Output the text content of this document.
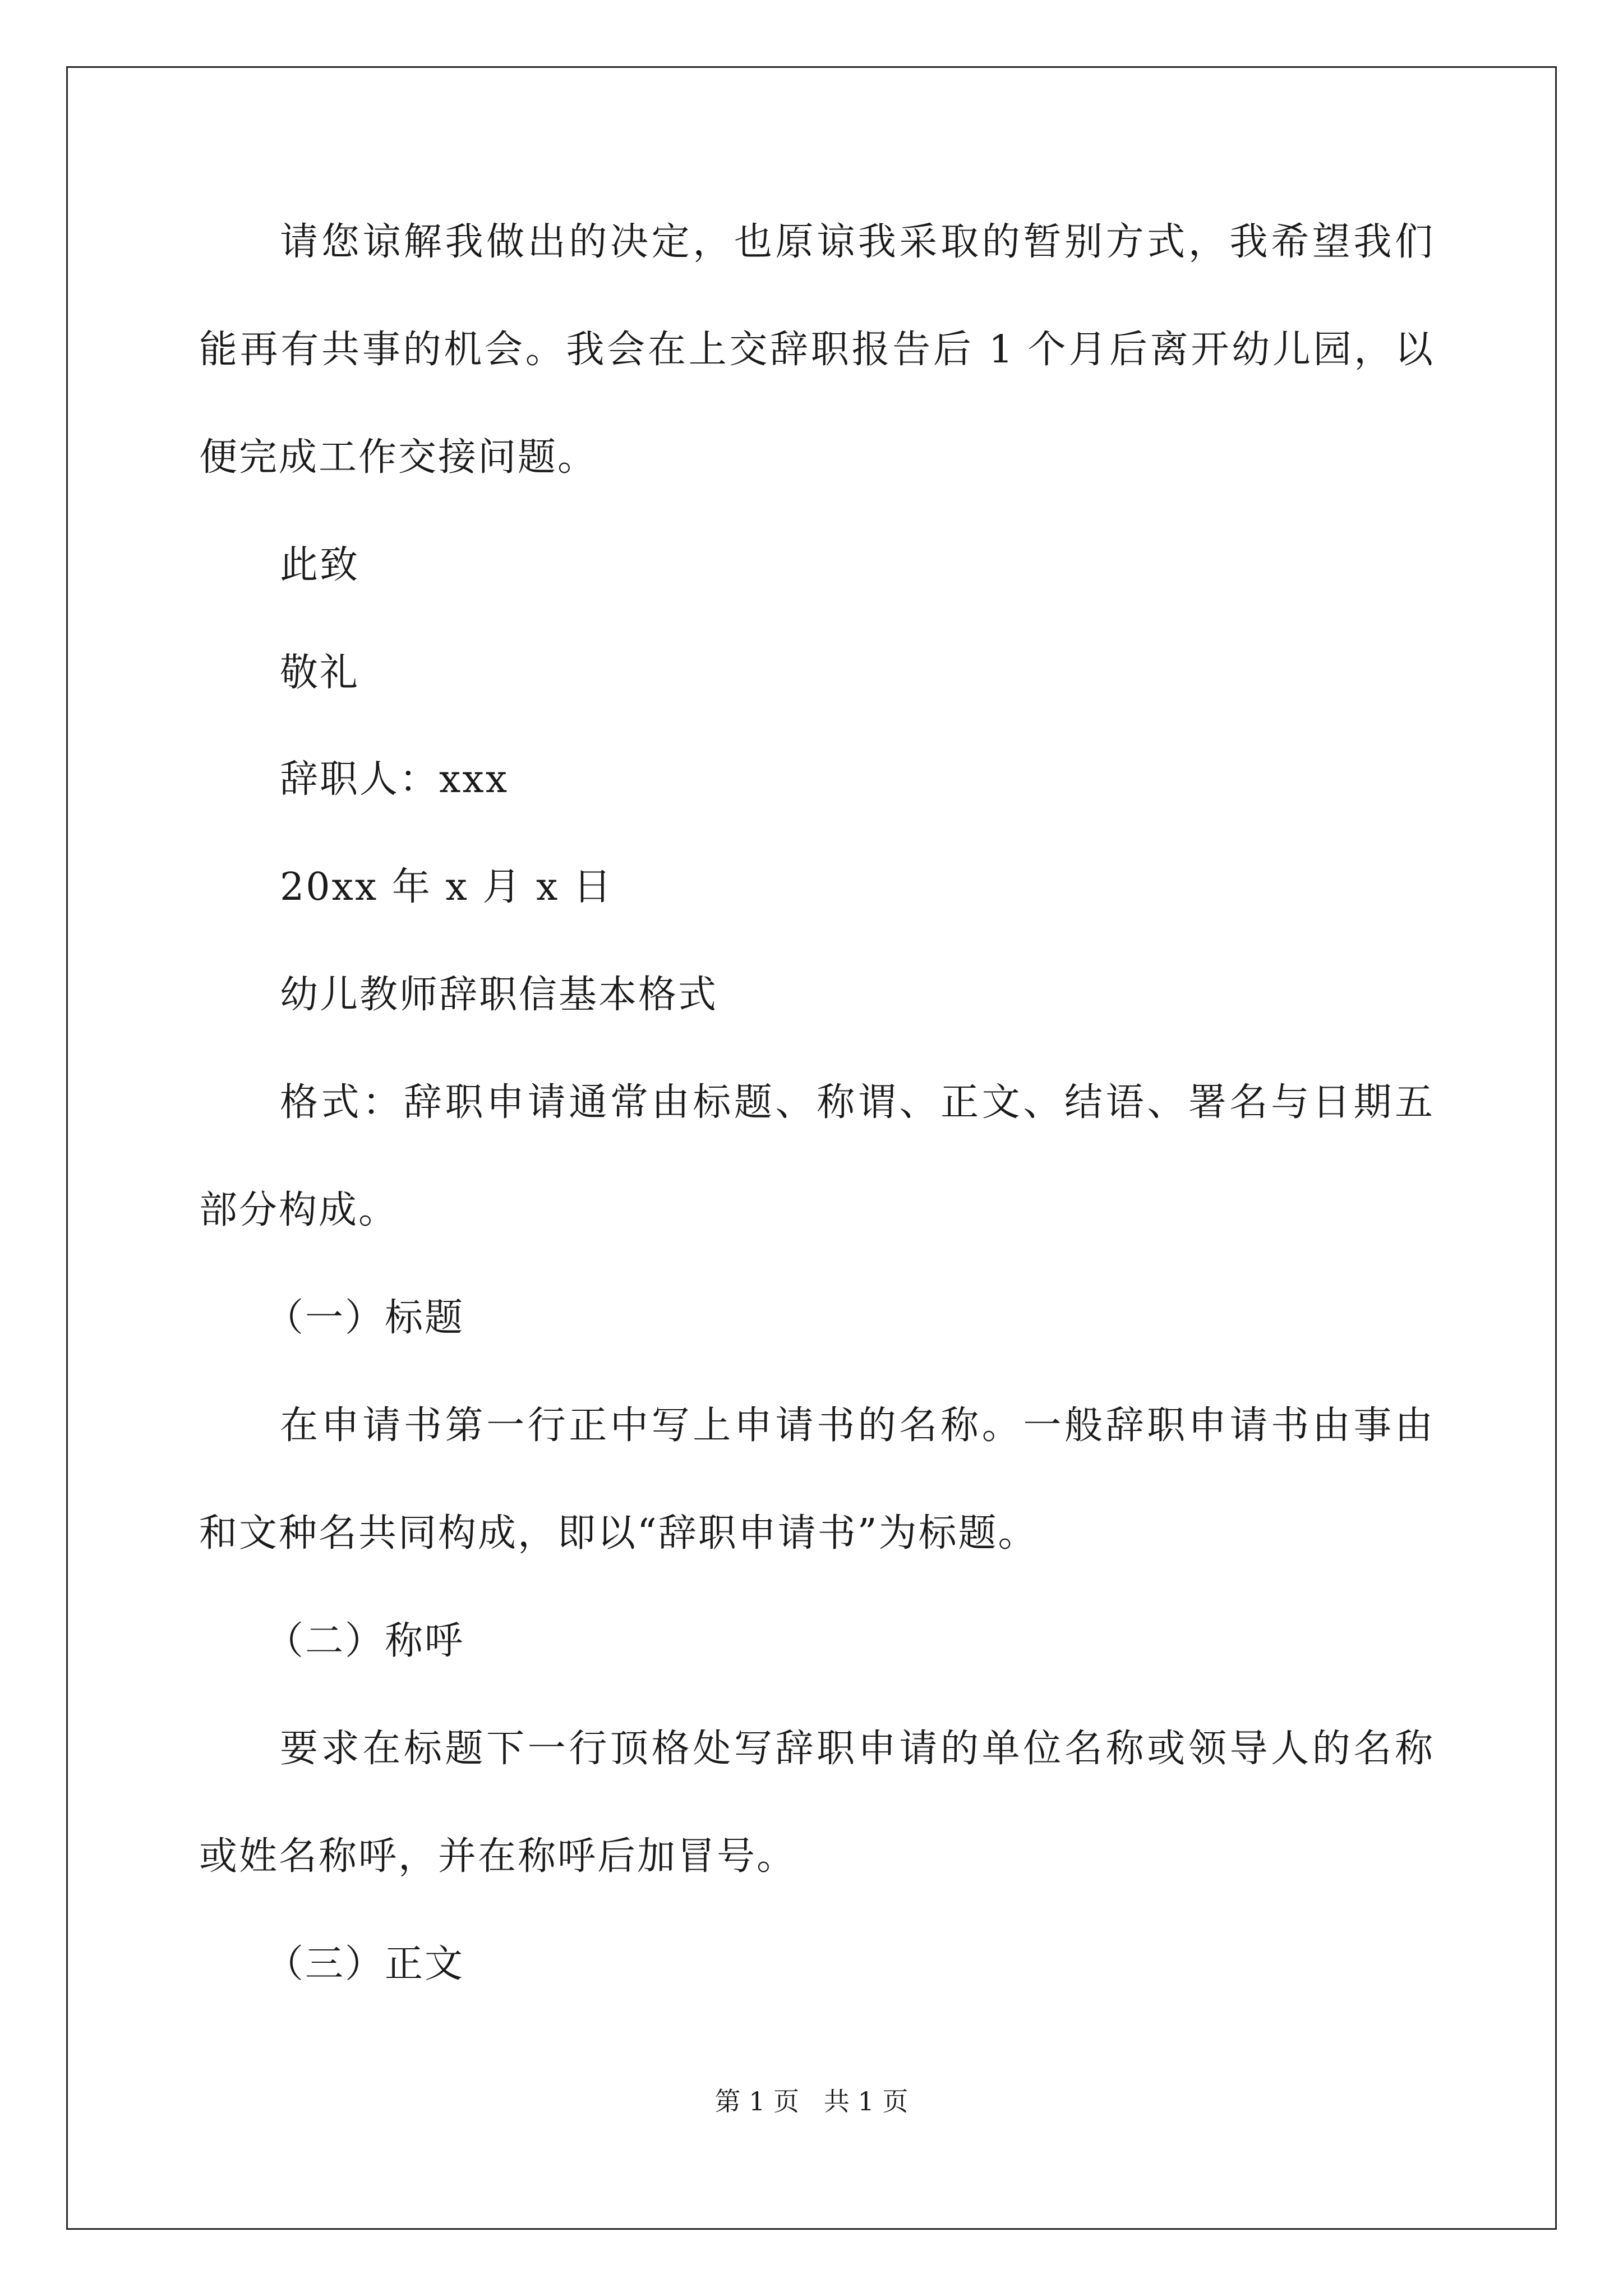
请您谅解我做出的决定，也原谅我采取的暂别方式，我希望我们
能再有共事的机会。我会在上交辞职报告后 1 个月后离开幼儿园，以
便完成工作交接问题。
此致
敬礼
辞职人：xxx
20xx 年 x 月 x 日
幼儿教师辞职信基本格式
格式：辞职申请通常由标题、称谓、正文、结语、署名与日期五
部分构成。
（一）标题
在申请书第一行正中写上申请书的名称。一般辞职申请书由事由
和文种名共同构成，即以“辞职申请书”为标题。
（二）称呼
要求在标题下一行顶格处写辞职申请的单位名称或领导人的名称
或姓名称呼，并在称呼后加冒号。
（三）正文
第 1 页   共 1 页
